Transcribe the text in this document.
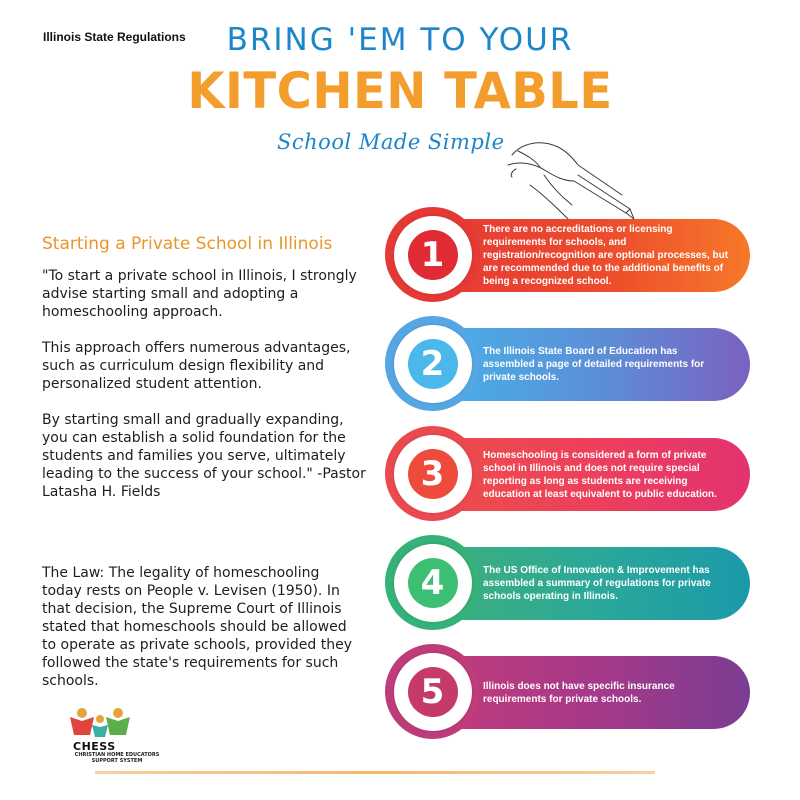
Illinois State Regulations	BRING 'EM TO YOUR
KITCHEN TABLE
School Made Simple
Starting a Private School in Illinois

"To start a private school in Illinois, I strongly advise starting small and adopting a homeschooling approach.

This approach offers numerous advantages, such as curriculum design flexibility and personalized student attention.

By starting small and gradually expanding, you can establish a solid foundation for the students and families you serve, ultimately leading to the success of your school." -Pastor Latasha H. Fields

The Law: The legality of homeschooling today rests on People v. Levisen (1950). In that decision, the Supreme Court of Illinois stated that homeschools should be allowed to operate as private schools, provided they followed the state's requirements for such schools.

There are no accreditations or licensing requirements for schools, and registration/recognition are optional processes, but are recommended due to the additional benefits of being a recognized school.
1
The Illinois State Board of Education has assembled a page of detailed requirements for private schools.
2
Homeschooling is considered a form of private school in Illinois and does not require special reporting as long as students are receiving education at least equivalent to public education.
3
The US Office of Innovation & Improvement has assembled a summary of regulations for private schools operating in Illinois.
4
Illinois does not have specific insurance requirements for private schools.
5
CHESS
CHRISTIAN HOME EDUCATORS SUPPORT SYSTEM
